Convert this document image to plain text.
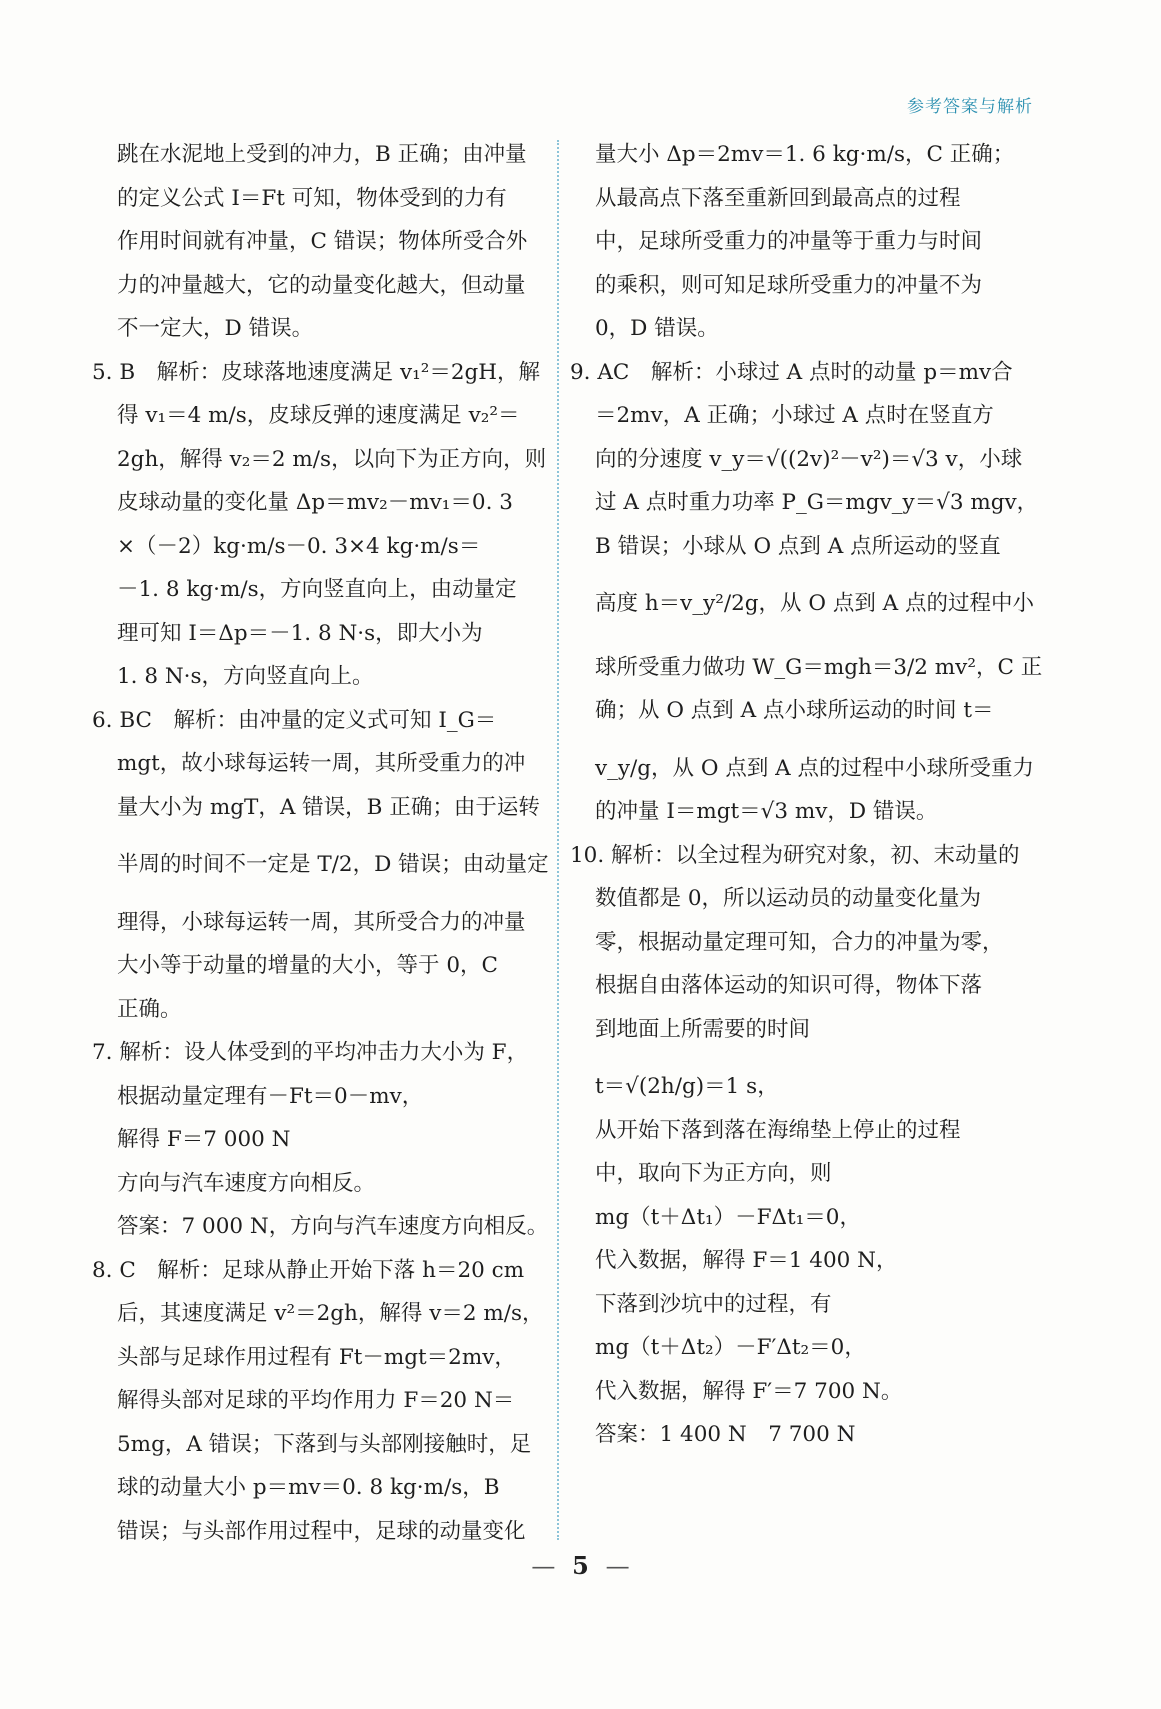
参考答案与解析
跳在水泥地上受到的冲力，B 正确；由冲量
的定义公式 I＝Ft 可知，物体受到的力有
作用时间就有冲量，C 错误；物体所受合外
力的冲量越大，它的动量变化越大，但动量
不一定大，D 错误。
5. B　解析：皮球落地速度满足 v₁²＝2gH，解
得 v₁＝4 m/s，皮球反弹的速度满足 v₂²＝
2gh，解得 v₂＝2 m/s，以向下为正方向，则
皮球动量的变化量 Δp＝mv₂－mv₁＝0. 3
×（－2）kg·m/s－0. 3×4 kg·m/s＝
－1. 8 kg·m/s，方向竖直向上，由动量定
理可知 I＝Δp＝－1. 8 N·s，即大小为
1. 8 N·s，方向竖直向上。
6. BC　解析：由冲量的定义式可知 I_G＝
mgt，故小球每运转一周，其所受重力的冲
量大小为 mgT，A 错误，B 正确；由于运转
半周的时间不一定是 T/2，D 错误；由动量定
理得，小球每运转一周，其所受合力的冲量
大小等于动量的增量的大小，等于 0，C
正确。
7. 解析：设人体受到的平均冲击力大小为 F，
根据动量定理有－Ft＝0－mv，
解得 F＝7 000 N
方向与汽车速度方向相反。
答案：7 000 N，方向与汽车速度方向相反。
8. C　解析：足球从静止开始下落 h＝20 cm
后，其速度满足 v²＝2gh，解得 v＝2 m/s，
头部与足球作用过程有 Ft－mgt＝2mv，
解得头部对足球的平均作用力 F＝20 N＝
5mg，A 错误；下落到与头部刚接触时，足
球的动量大小 p＝mv＝0. 8 kg·m/s，B
错误；与头部作用过程中，足球的动量变化
量大小 Δp＝2mv＝1. 6 kg·m/s，C 正确；
从最高点下落至重新回到最高点的过程
中，足球所受重力的冲量等于重力与时间
的乘积，则可知足球所受重力的冲量不为
0，D 错误。
9. AC　解析：小球过 A 点时的动量 p＝mv合
＝2mv，A 正确；小球过 A 点时在竖直方
向的分速度 v_y＝√((2v)²－v²)＝√3 v，小球
过 A 点时重力功率 P_G＝mgv_y＝√3 mgv，
B 错误；小球从 O 点到 A 点所运动的竖直
高度 h＝v_y²/2g，从 O 点到 A 点的过程中小
球所受重力做功 W_G＝mgh＝3/2 mv²，C 正
确；从 O 点到 A 点小球所运动的时间 t＝
v_y/g，从 O 点到 A 点的过程中小球所受重力
的冲量 I＝mgt＝√3 mv，D 错误。
10. 解析：以全过程为研究对象，初、末动量的
数值都是 0，所以运动员的动量变化量为
零，根据动量定理可知，合力的冲量为零，
根据自由落体运动的知识可得，物体下落
到地面上所需要的时间
t＝√(2h/g)＝1 s，
从开始下落到落在海绵垫上停止的过程
中，取向下为正方向，则
mg（t＋Δt₁）－FΔt₁＝0，
代入数据，解得 F＝1 400 N，
下落到沙坑中的过程，有
mg（t＋Δt₂）－F′Δt₂＝0，
代入数据，解得 F′＝7 700 N。
答案：1 400 N　7 700 N
— 5 —
